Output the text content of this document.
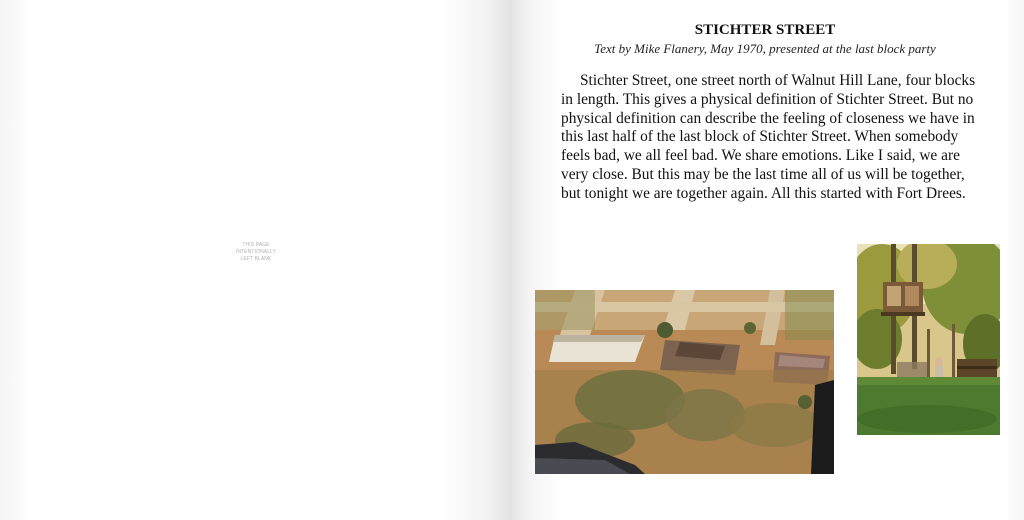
THIS PAGE
INTENTIONALLY
LEFT BLANK
STICHTER STREET
Text by Mike Flanery, May 1970, presented at the last block party

Stichter Street, one street north of Walnut Hill Lane, four blocks in length. This gives a physical definition of Stichter Street. But no physical definition can describe the feeling of closeness we have in this last half of the last block of Stichter Street. When somebody feels bad, we all feel bad. We share emotions. Like I said, we are very close. But this may be the last time all of us will be together, but tonight we are together again. All this started with Fort Drees.
